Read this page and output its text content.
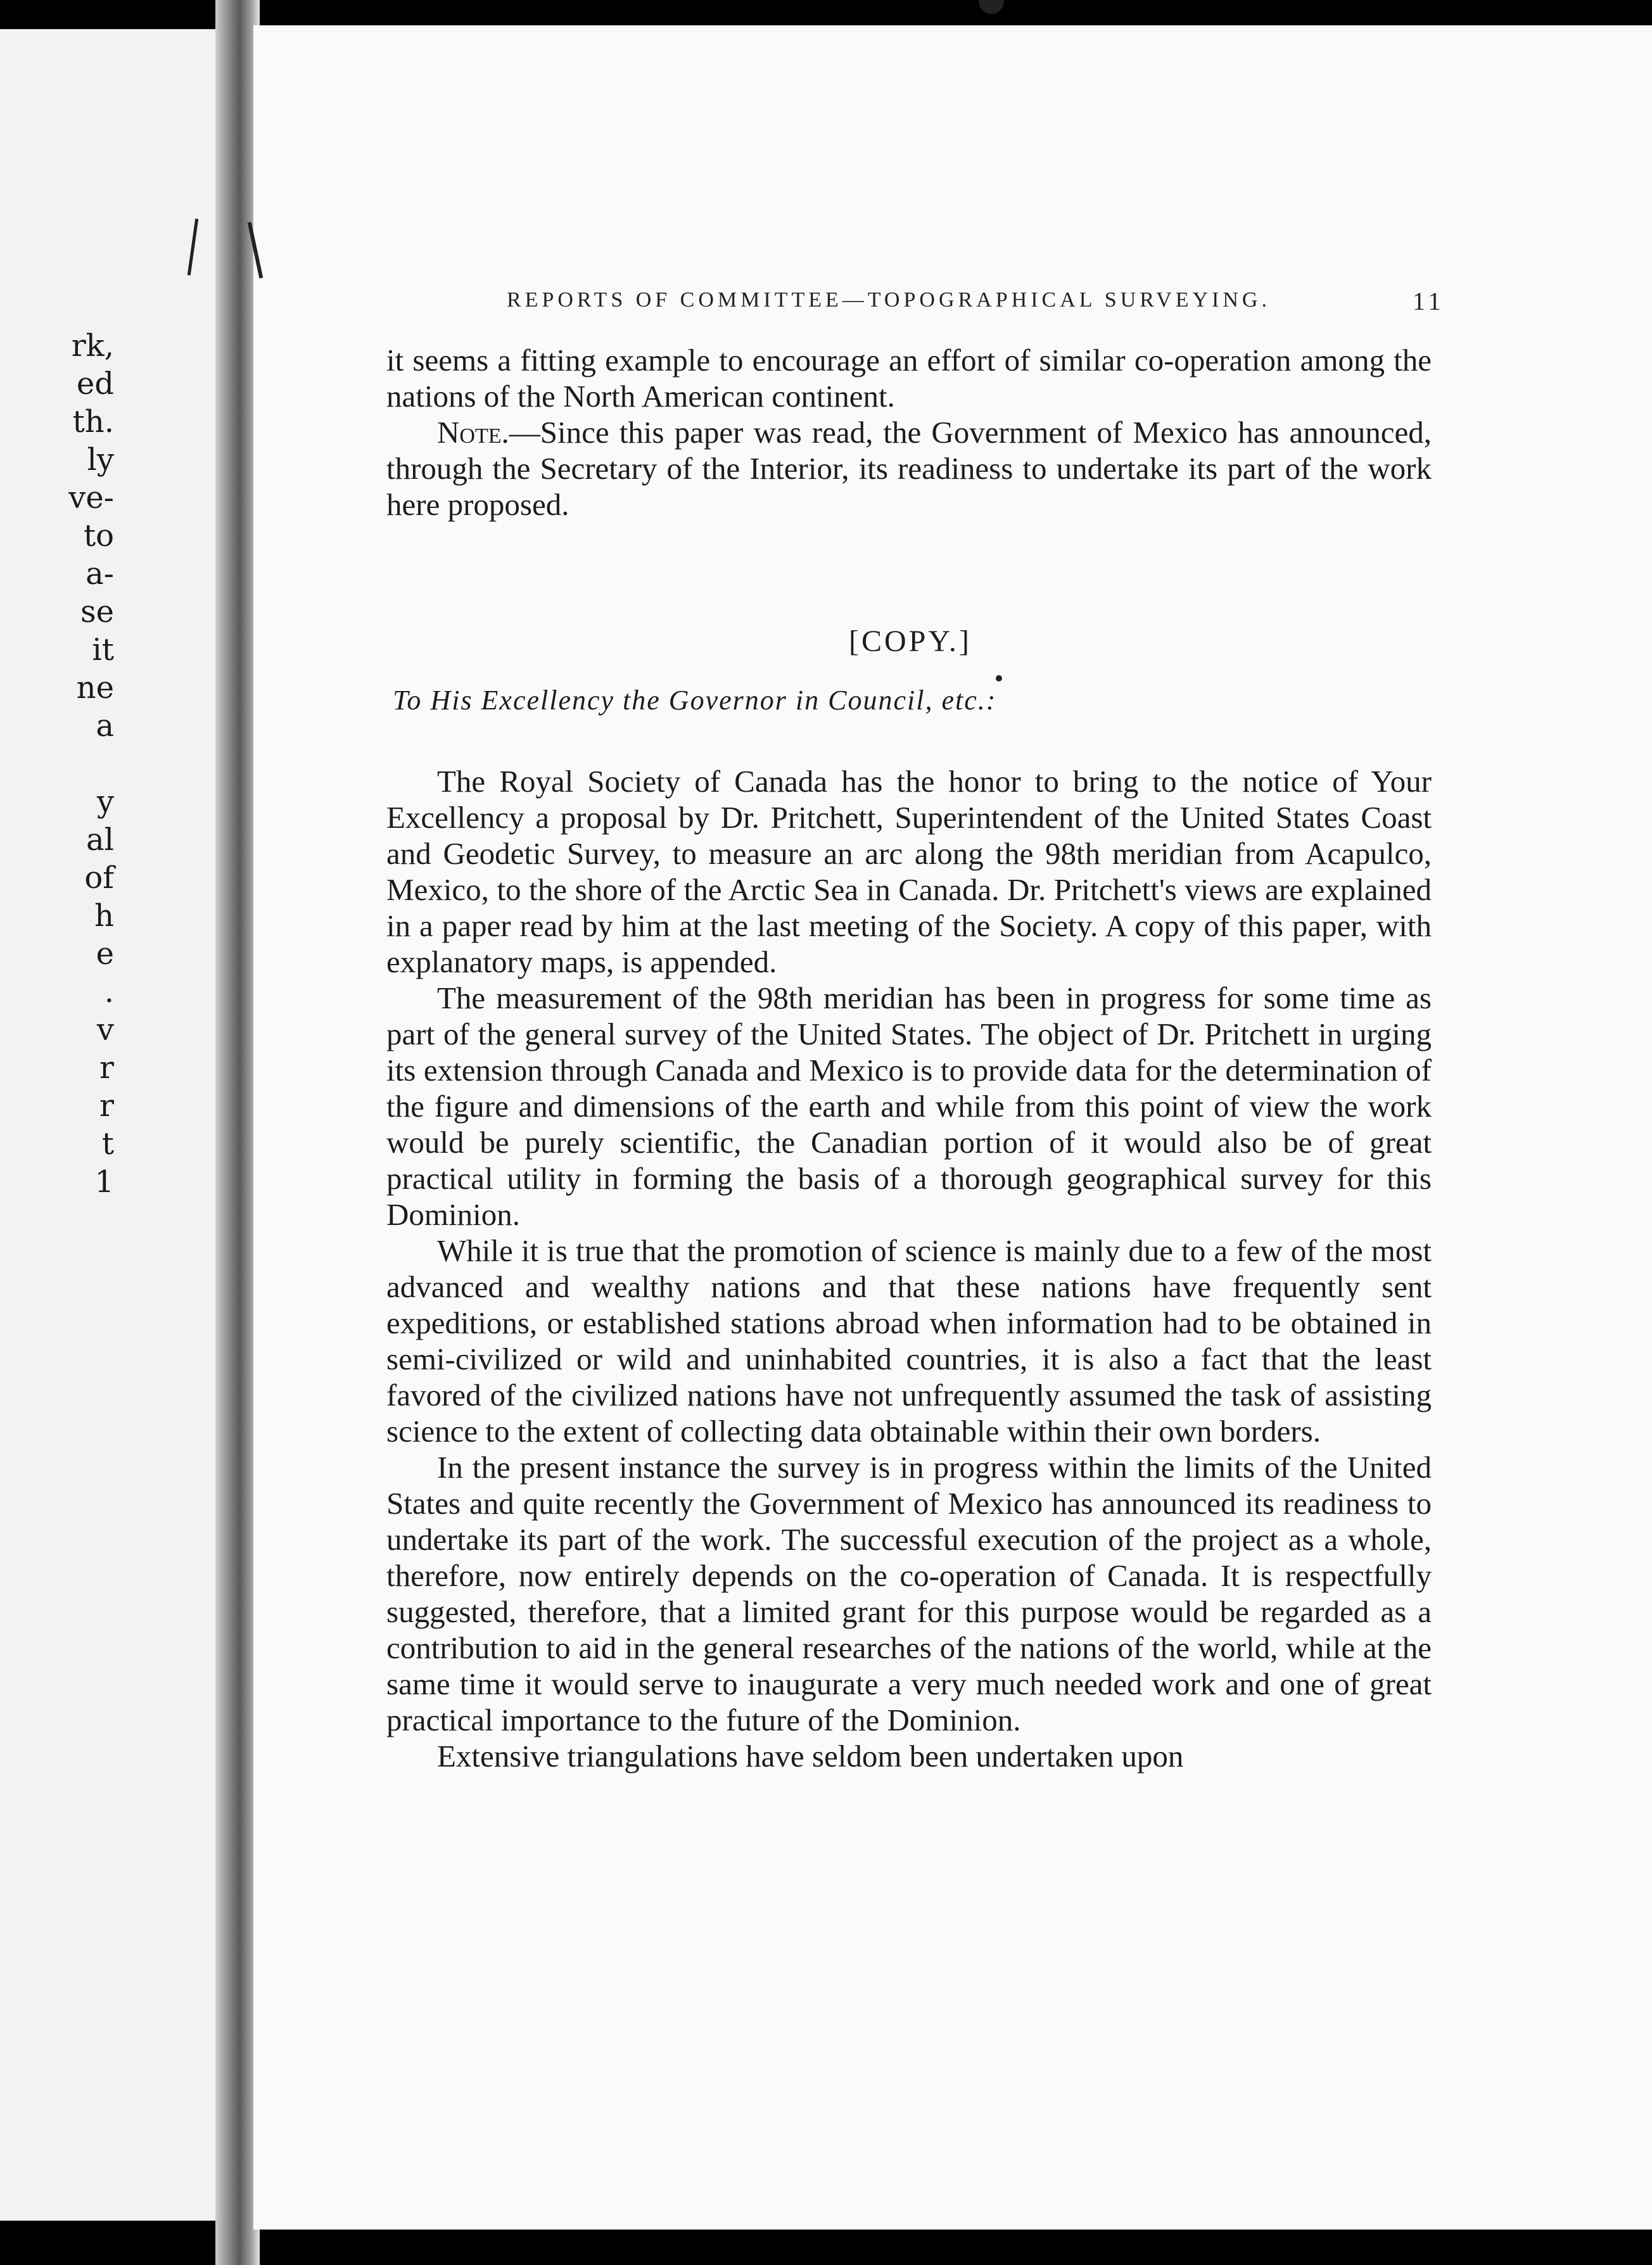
rk,
ed
th.
ly
ve-
to
a-
se
it
ne
a
y
al
of
h
e
.
v
r
r
t
1
REPORTS OF COMMITTEE—TOPOGRAPHICAL SURVEYING.	11

it seems a fitting example to encourage an effort of similar co-operation among the nations of the North American continent.

Note.—Since this paper was read, the Government of Mexico has announced, through the Secretary of the Interior, its readiness to undertake its part of the work here proposed.

[COPY.]
To His Excellency the Governor in Council, etc.:

The Royal Society of Canada has the honor to bring to the notice of Your Excellency a proposal by Dr. Pritchett, Superintendent of the United States Coast and Geodetic Survey, to measure an arc along the 98th meridian from Acapulco, Mexico, to the shore of the Arctic Sea in Canada. Dr. Pritchett's views are explained in a paper read by him at the last meeting of the Society. A copy of this paper, with explanatory maps, is appended.

The measurement of the 98th meridian has been in progress for some time as part of the general survey of the United States. The object of Dr. Pritchett in urging its extension through Canada and Mexico is to provide data for the determination of the figure and dimensions of the earth and while from this point of view the work would be purely scientific, the Canadian portion of it would also be of great practical utility in forming the basis of a thorough geographical survey for this Dominion.

While it is true that the promotion of science is mainly due to a few of the most advanced and wealthy nations and that these nations have frequently sent expeditions, or established stations abroad when information had to be obtained in semi-civilized or wild and uninhabited countries, it is also a fact that the least favored of the civilized nations have not unfrequently assumed the task of assisting science to the extent of collecting data obtainable within their own borders.

In the present instance the survey is in progress within the limits of the United States and quite recently the Government of Mexico has announced its readiness to undertake its part of the work. The successful execution of the project as a whole, therefore, now entirely depends on the co-operation of Canada. It is respectfully suggested, therefore, that a limited grant for this purpose would be regarded as a contribution to aid in the general researches of the nations of the world, while at the same time it would serve to inaugurate a very much needed work and one of great practical importance to the future of the Dominion.

Extensive triangulations have seldom been undertaken upon
